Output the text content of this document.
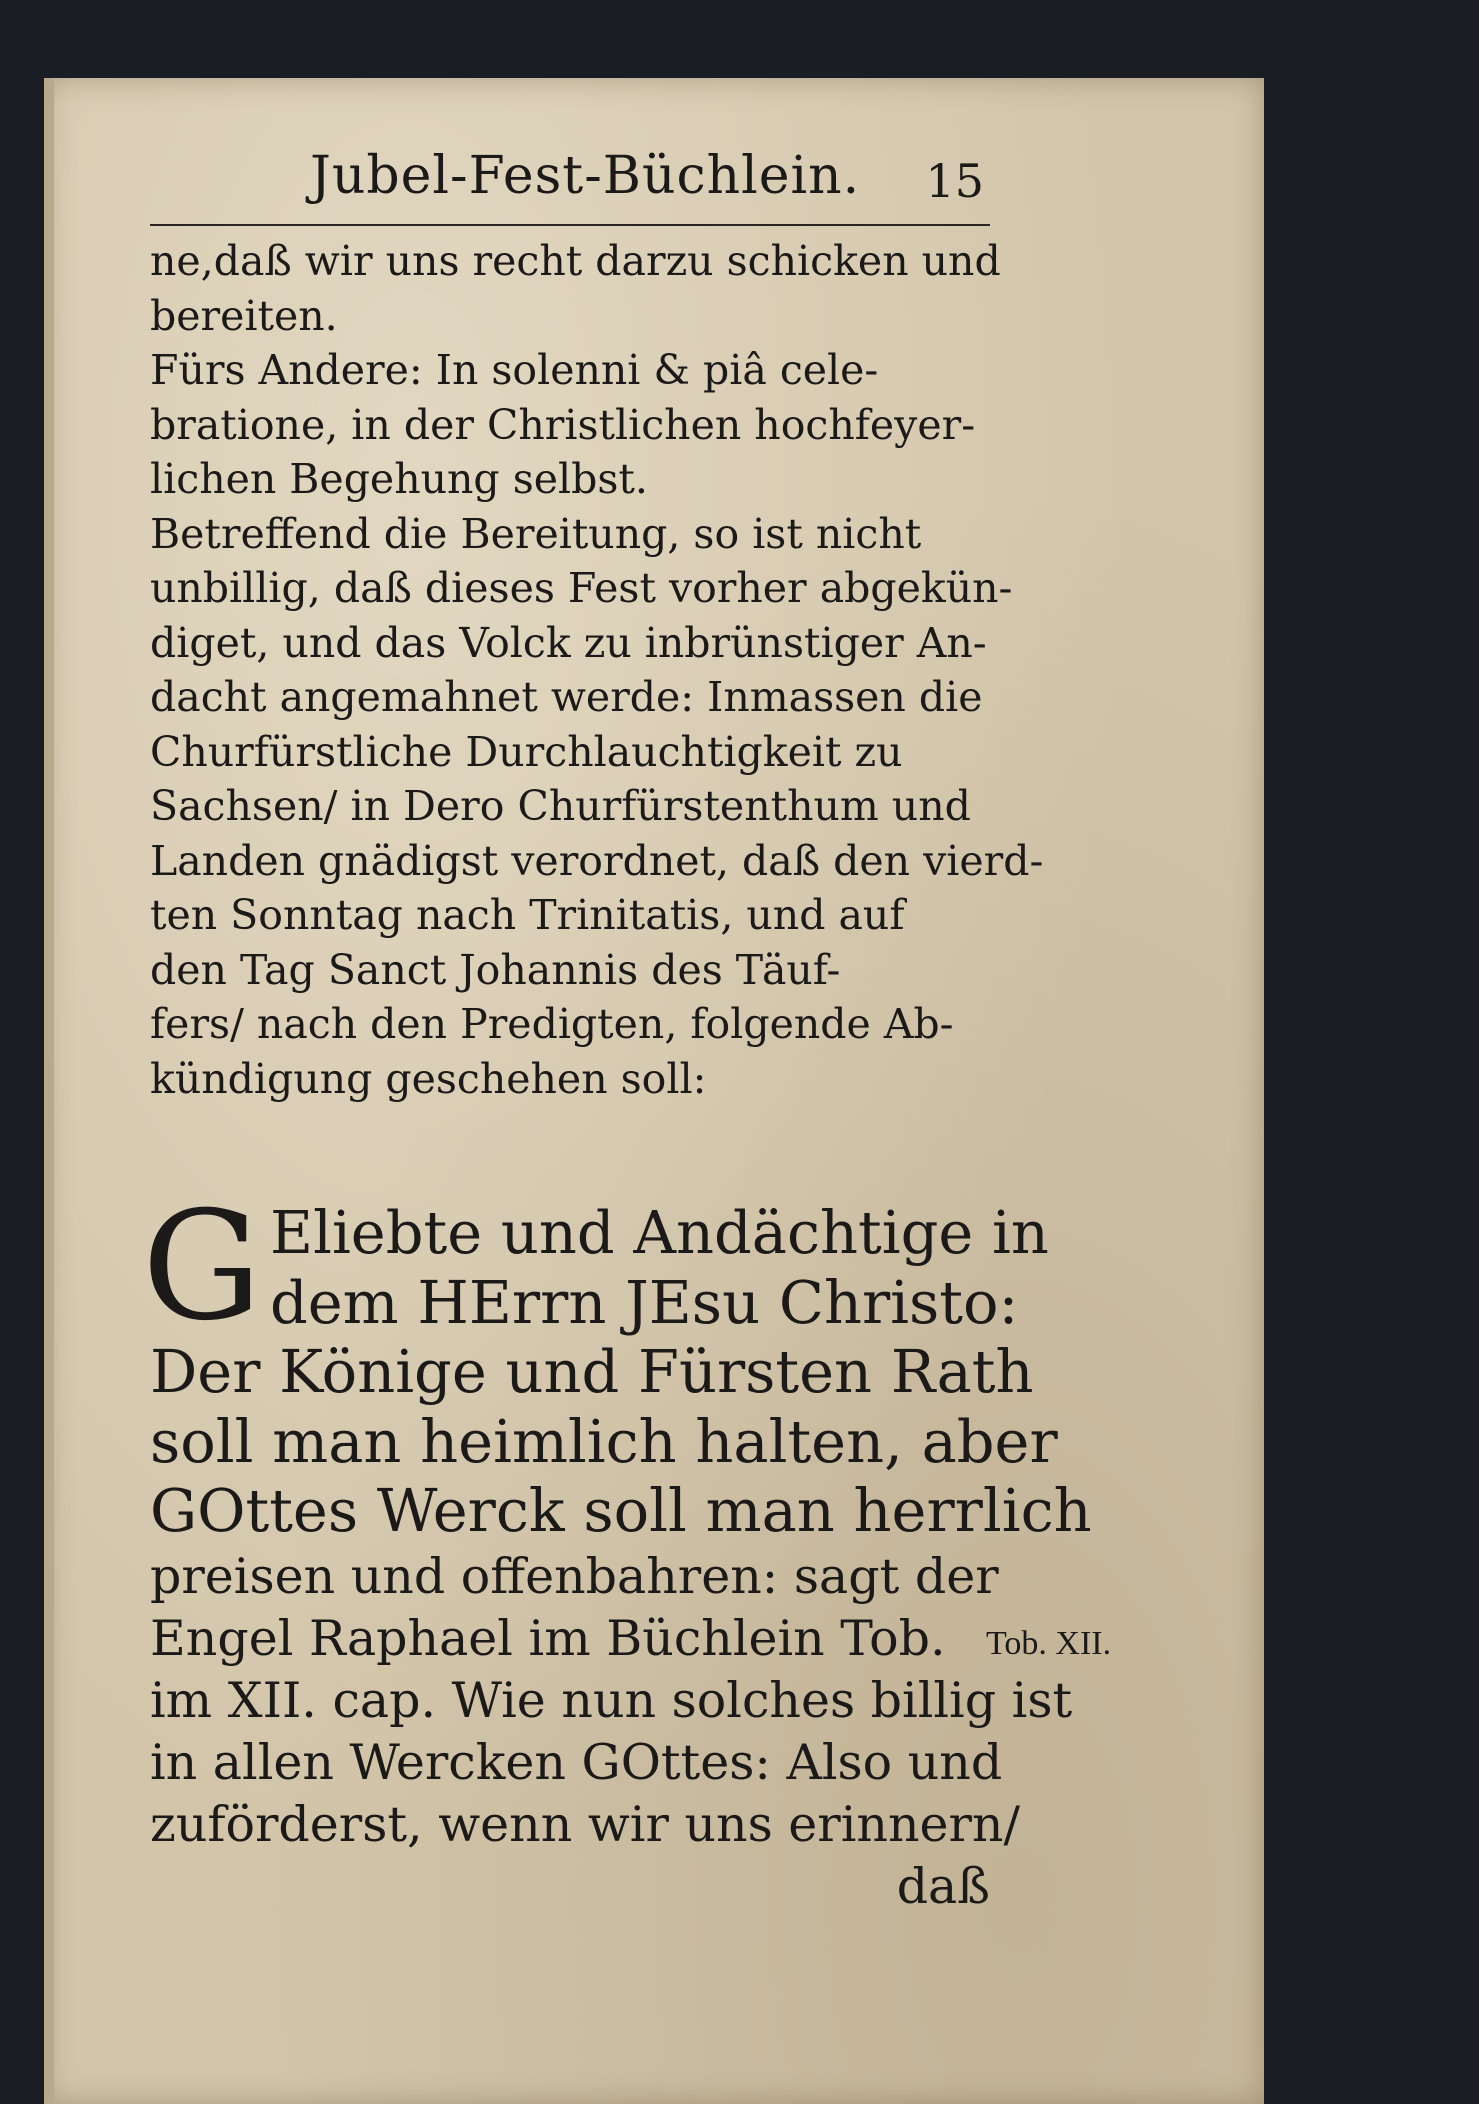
Jubel-Fest-Büchlein. 15
ne,daß wir uns recht darzu schicken und
bereiten.
Fürs Andere: In solenni & piâ cele-
bratione, in der Christlichen hochfeyer-
lichen Begehung selbst.
Betreffend die Bereitung, so ist nicht
unbillig, daß dieses Fest vorher abgekün-
diget, und das Volck zu inbrünstiger An-
dacht angemahnet werde: Inmassen die
Churfürstliche Durchlauchtigkeit zu
Sachsen/ in Dero Churfürstenthum und
Landen gnädigst verordnet, daß den vierd-
ten Sonntag nach Trinitatis, und auf
den Tag Sanct Johannis des Täuf-
fers/ nach den Predigten, folgende Ab-
kündigung geschehen soll:
G Eliebte und Andächtige in
dem HErrn JEsu Christo:
Der Könige und Fürsten Rath
soll man heimlich halten, aber
GOttes Werck soll man herrlich
preisen und offenbahren: sagt der
Engel Raphael im Büchlein Tob.
im XII. cap. Wie nun solches billig ist
in allen Wercken GOttes: Also und
zuförderst, wenn wir uns erinnern/
daß
Tob. XII.
